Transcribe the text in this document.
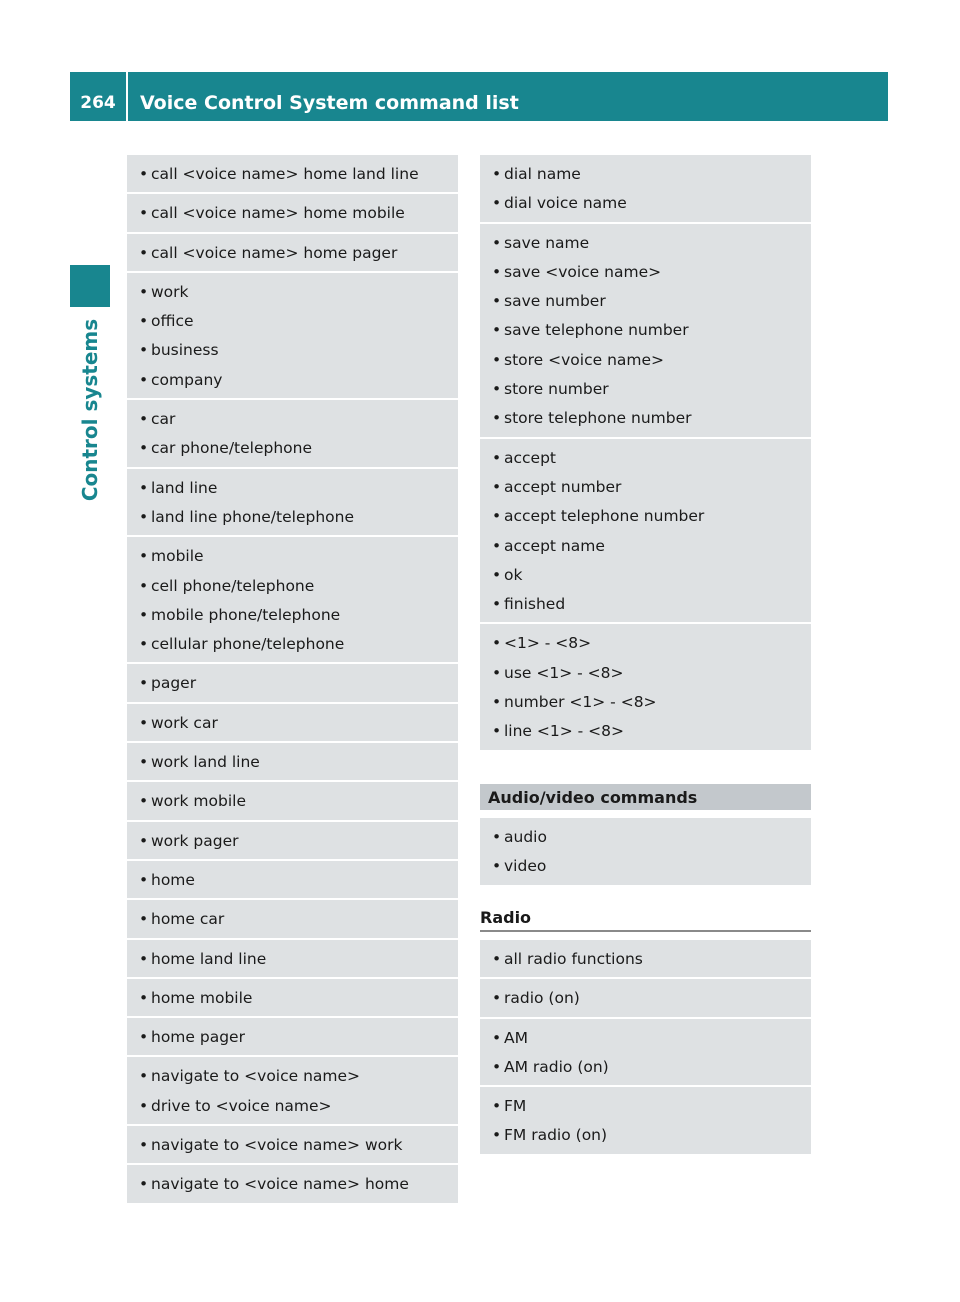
264	Voice Control System command list
Control systems
• call <voice name> home land line
• call <voice name> home mobile
• call <voice name> home pager
• work
• office
• business
• company
• car
• car phone/telephone
• land line
• land line phone/telephone
• mobile
• cell phone/telephone
• mobile phone/telephone
• cellular phone/telephone
• pager
• work car
• work land line
• work mobile
• work pager
• home
• home car
• home land line
• home mobile
• home pager
• navigate to <voice name>
• drive to <voice name>
• navigate to <voice name> work
• navigate to <voice name> home
• dial name
• dial voice name
• save name
• save <voice name>
• save number
• save telephone number
• store <voice name>
• store number
• store telephone number
• accept
• accept number
• accept telephone number
• accept name
• ok
• finished
• <1> - <8>
• use <1> - <8>
• number <1> - <8>
• line <1> - <8>
Audio/video commands
• audio
• video
Radio
• all radio functions
• radio (on)
• AM
• AM radio (on)
• FM
• FM radio (on)
